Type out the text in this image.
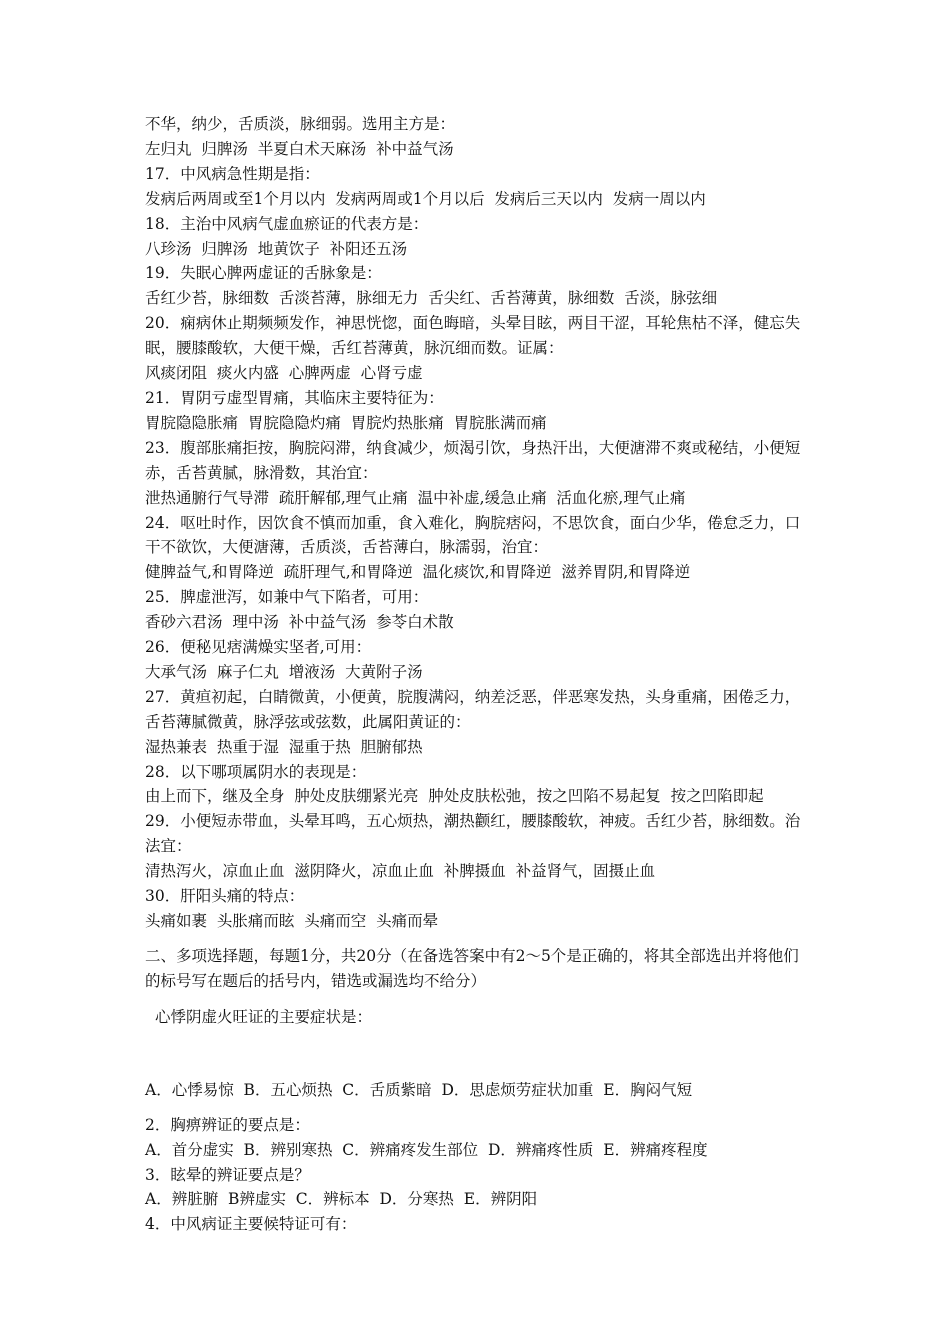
不华，纳少，舌质淡，脉细弱。选用主方是：
左归丸  归脾汤  半夏白术天麻汤  补中益气汤
17．中风病急性期是指：
发病后两周或至1个月以内  发病两周或1个月以后  发病后三天以内  发病一周以内
18．主治中风病气虚血瘀证的代表方是：
八珍汤  归脾汤  地黄饮子  补阳还五汤
19．失眠心脾两虚证的舌脉象是：
舌红少苔，脉细数  舌淡苔薄，脉细无力  舌尖红、舌苔薄黄，脉细数  舌淡，脉弦细
20．痫病休止期频频发作，神思恍惚，面色晦暗，头晕目眩，两目干涩，耳轮焦枯不泽，健忘失眠，腰膝酸软，大便干燥，舌红苔薄黄，脉沉细而数。证属：
风痰闭阻  痰火内盛  心脾两虚  心肾亏虚
21．胃阴亏虚型胃痛，其临床主要特征为：
胃脘隐隐胀痛  胃脘隐隐灼痛  胃脘灼热胀痛  胃脘胀满而痛
23．腹部胀痛拒按，胸脘闷滞，纳食减少，烦渴引饮，身热汗出，大便溏滞不爽或秘结，小便短赤，舌苔黄腻，脉滑数，其治宜：
泄热通腑行气导滞  疏肝解郁,理气止痛  温中补虚,缓急止痛  活血化瘀,理气止痛
24．呕吐时作，因饮食不慎而加重，食入难化，胸脘痞闷，不思饮食，面白少华，倦怠乏力，口干不欲饮，大便溏薄，舌质淡，舌苔薄白，脉濡弱，治宜：
健脾益气,和胃降逆  疏肝理气,和胃降逆  温化痰饮,和胃降逆  滋养胃阴,和胃降逆
25．脾虚泄泻，如兼中气下陷者，可用：
香砂六君汤  理中汤  补中益气汤  参苓白术散
26．便秘见痞满燥实坚者,可用：
大承气汤  麻子仁丸  增液汤  大黄附子汤
27．黄疸初起，白睛微黄，小便黄，脘腹满闷，纳差泛恶，伴恶寒发热，头身重痛，困倦乏力，舌苔薄腻微黄，脉浮弦或弦数，此属阳黄证的：
湿热兼表  热重于湿  湿重于热  胆腑郁热
28．以下哪项属阴水的表现是：
由上而下，继及全身  肿处皮肤绷紧光亮  肿处皮肤松弛，按之凹陷不易起复  按之凹陷即起
29．小便短赤带血，头晕耳鸣，五心烦热，潮热颧红，腰膝酸软，神疲。舌红少苔，脉细数。治法宜：
清热泻火，凉血止血  滋阴降火，凉血止血  补脾摄血  补益肾气，固摄止血
30．肝阳头痛的特点：
头痛如裹  头胀痛而眩  头痛而空  头痛而晕
二、多项选择题，每题1分，共20分（在备选答案中有2～5个是正确的，将其全部选出并将他们的标号写在题后的括号内，错选或漏选均不给分）
心悸阴虚火旺证的主要症状是：
A．心悸易惊  B．五心烦热  C．舌质紫暗  D．思虑烦劳症状加重  E．胸闷气短
2．胸痹辨证的要点是：
A．首分虚实  B．辨别寒热  C．辨痛疼发生部位  D．辨痛疼性质  E．辨痛疼程度
3．眩晕的辨证要点是？
A．辨脏腑  B辨虚实  C．辨标本  D．分寒热  E．辨阴阳
4．中风病证主要候特证可有：
